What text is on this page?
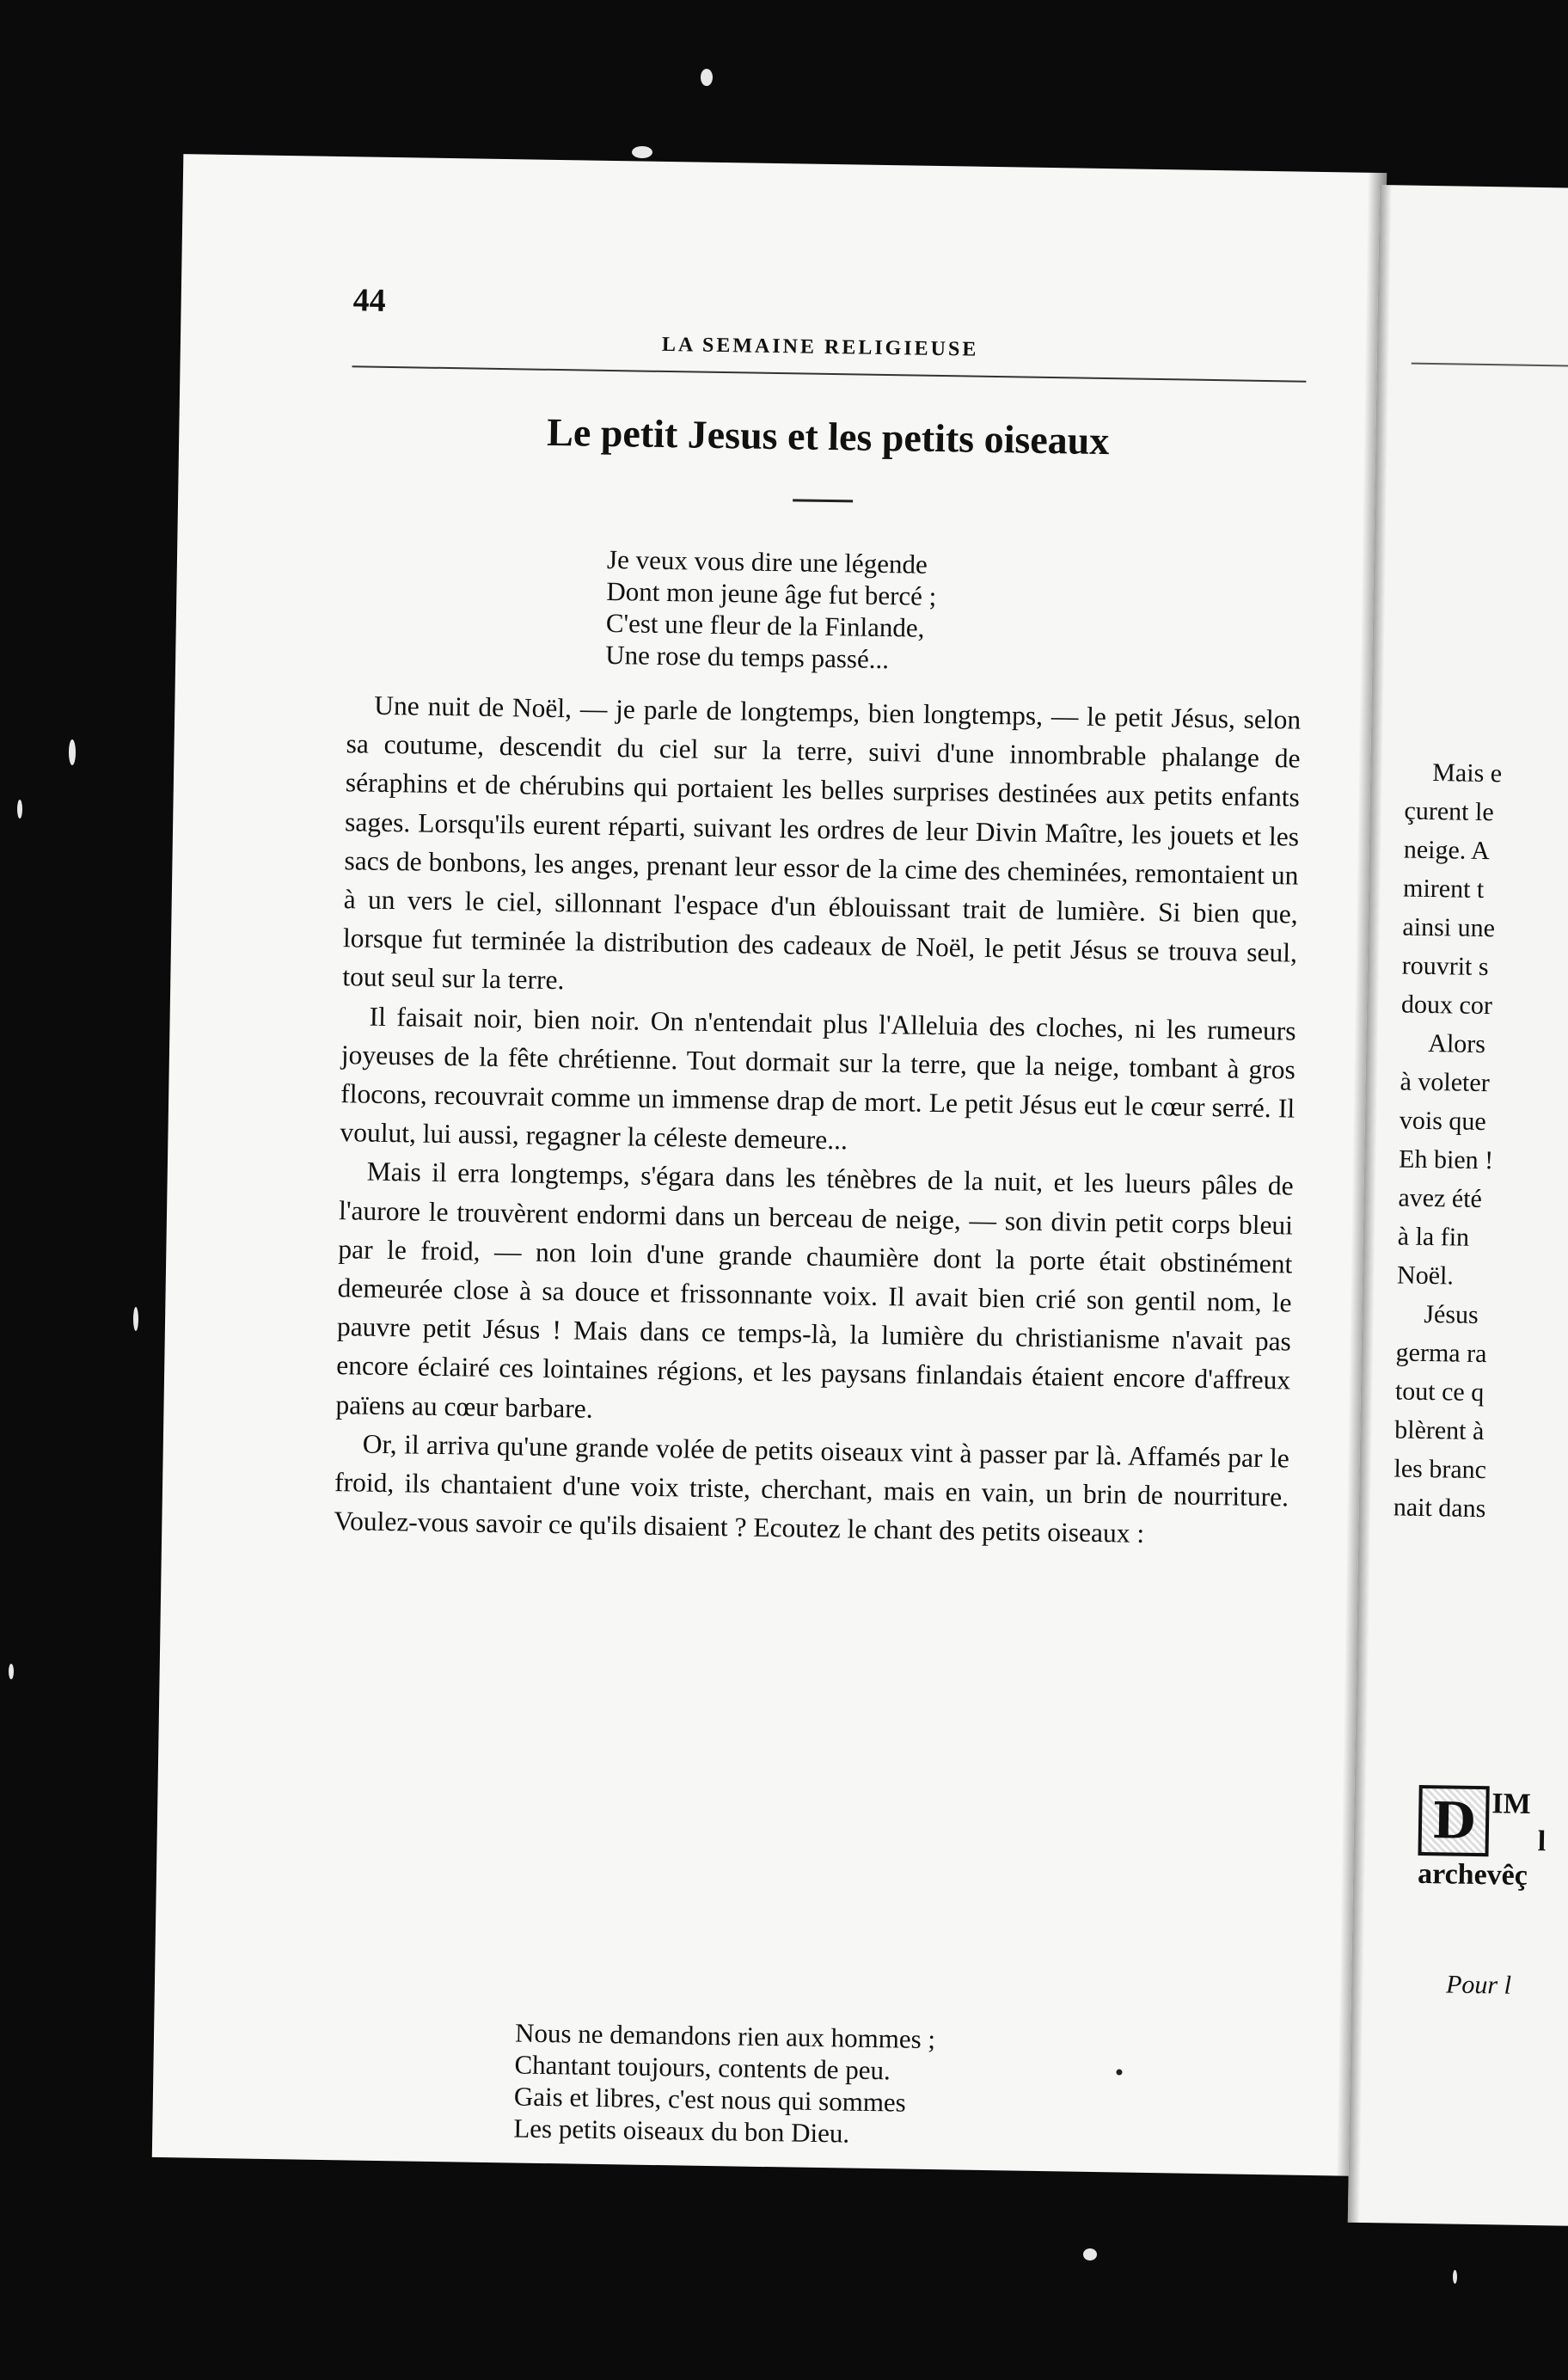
44
LA SEMAINE RELIGIEUSE
Le petit Jesus et les petits oiseaux
Je veux vous dire une légende
Dont mon jeune âge fut bercé ;
C'est une fleur de la Finlande,
Une rose du temps passé...

Une nuit de Noël, — je parle de longtemps, bien longtemps, — le petit Jésus, selon sa coutume, descendit du ciel sur la terre, suivi d'une innombrable phalange de séraphins et de chérubins qui portaient les belles surprises destinées aux petits enfants sages. Lorsqu'ils eurent réparti, suivant les ordres de leur Divin Maître, les jouets et les sacs de bonbons, les anges, prenant leur essor de la cime des cheminées, remontaient un à un vers le ciel, sillonnant l'espace d'un éblouissant trait de lumière. Si bien que, lorsque fut terminée la distribution des cadeaux de Noël, le petit Jésus se trouva seul, tout seul sur la terre.

Il faisait noir, bien noir. On n'entendait plus l'Alleluia des cloches, ni les rumeurs joyeuses de la fête chrétienne. Tout dormait sur la terre, que la neige, tombant à gros flocons, recouvrait comme un immense drap de mort. Le petit Jésus eut le cœur serré. Il voulut, lui aussi, regagner la céleste demeure...

Mais il erra longtemps, s'égara dans les ténèbres de la nuit, et les lueurs pâles de l'aurore le trouvèrent endormi dans un berceau de neige, — son divin petit corps bleui par le froid, — non loin d'une grande chaumière dont la porte était obstinément demeurée close à sa douce et frissonnante voix. Il avait bien crié son gentil nom, le pauvre petit Jésus ! Mais dans ce temps-là, la lumière du christianisme n'avait pas encore éclairé ces lointaines régions, et les paysans finlandais étaient encore d'affreux païens au cœur barbare.

Or, il arriva qu'une grande volée de petits oiseaux vint à passer par là. Affamés par le froid, ils chantaient d'une voix triste, cherchant, mais en vain, un brin de nourriture. Voulez-vous savoir ce qu'ils disaient ? Ecoutez le chant des petits oiseaux :

Nous ne demandons rien aux hommes ;
Chantant toujours, contents de peu.
Gais et libres, c'est nous qui sommes
Les petits oiseaux du bon Dieu.
Mais e
çurent le
neige. A
mirent t
ainsi une
rouvrit s
doux cor
Alors
à voleter
vois que
Eh bien !
avez été
à la fin
Noël.
Jésus
germa ra
tout ce q
blèrent à
les branc
nait dans
D IM
l
archevêç
Pour l
